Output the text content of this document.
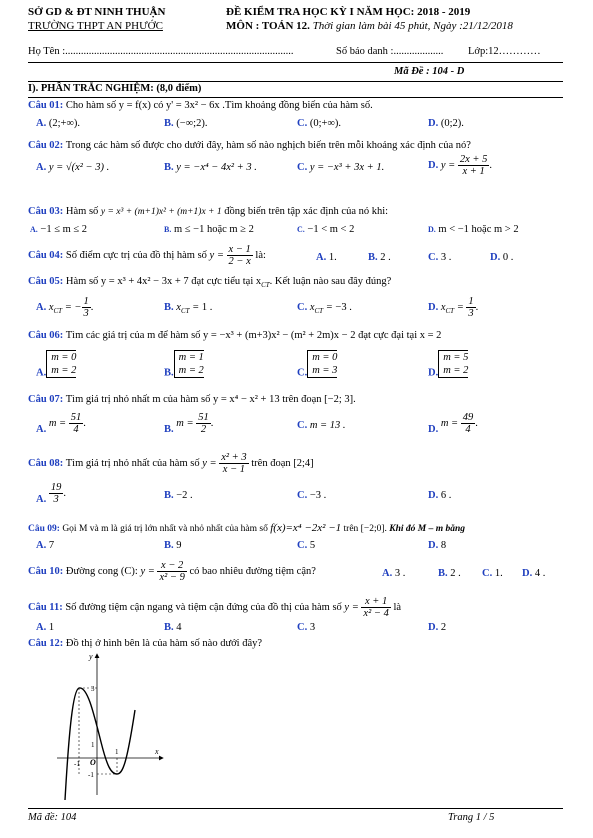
SỞ GD & ĐT NINH THUẬN
TRƯỜNG THPT AN PHƯỚC
ĐỀ KIỂM TRA HỌC KỲ I NĂM HỌC: 2018 - 2019
MÔN : TOÁN 12. Thời gian làm bài 45 phút, Ngày :21/12/2018
Họ Tên :.......................................................................................	Số báo danh :................... Lớp:12…………
Mã Đề : 104 - D
I). PHẦN TRẮC NGHIỆM: (8,0 điểm)
Câu 01: Cho hàm số y = f(x) có y' = 3x² − 6x .Tìm khoảng đồng biến của hàm số.
A. (2;+∞).	B. (−∞;2).	C. (0;+∞).	D. (0;2).
Câu 02: Trong các hàm số được cho dưới đây, hàm số nào nghịch biến trên mỗi khoảng xác định của nó?
A. y = √(x² − 3) .	B. y = −x⁴ − 4x² + 3 .	C. y = −x³ + 3x + 1.	D. $y = \frac{2x + 5}{x + 1}$ .
Câu 03: Hàm số y = x³ + (m+1)x² + (m+1)x + 1 đồng biến trên tập xác định của nó khi:
A. −1 ≤ m ≤ 2	B. m ≤ −1 hoặc m ≥ 2	C. −1 < m < 2	D. m < −1 hoặc m > 2
Câu 04: Số điểm cực trị của đồ thị hàm số $y = \frac{x - 1}{2 - x}$ là:	A. 1.	B. 2 .	C. 3 .	D. 0 .
Câu 05: Hàm số y = x³ + 4x² − 3x + 7 đạt cực tiểu tại $x_{CT}$. Kết luận nào sau đây đúng?
A. $x_{CT}$ = − $\frac{1}{3}$ .	B. $x_{CT} = 1$ .	C. $x_{CT} = -3$ .	D. $x_{CT} = \frac{1}{3}$ .
Câu 06: Tìm các giá trị của m để hàm số y = −x³ + (m+3)x² − (m² + 2m)x − 2 đạt cực đại tại x = 2
A.m = 0
m = 2	B.m = 1
m = 2	C.m = 0
m = 3	D.m = 5
m = 2
Câu 07: Tìm giá trị nhỏ nhất m của hàm số y = x⁴ − x² + 13 trên đoạn [−2; 3].
A. $m = \frac{51}{4}$ .
B. $m = \frac{51}{2}$ .	C. m = 13 .	D. $m = \frac{49}{4}$ .
Câu 08: Tìm giá trị nhỏ nhất của hàm số $y = \frac{\text{x² + 3}}{x - 1}$ trên đoạn [2;4]
A. $\frac{19}{3}$ .	B. −2 .	C. −3 .	D. 6 .
Câu 09: Gọi M và m là giá trị lớn nhất và nhỏ nhất của hàm số f(x)=x⁴ −2x² −1 trên [−2;0]. Khi đó M – m bằng
A. 7	B. 9	C. 5	D. 8
Câu 10: Đường cong (C): $y = \frac{x - 2}{\text{x² − 9}}$ có bao nhiêu đường tiệm cận?	A. 3 .	B. 2 . C. 1. D. 4 .
Câu 11: Số đường tiệm cận ngang và tiệm cận đứng của đồ thị của hàm số $y = \frac{x + 1}{\text{x² − 4}}$ là
A. 1	B. 4	C. 3	D. 2
Câu 12: Đồ thị ở hình bên là của hàm số nào dưới đây?
y
x
3
1
-1
-1
1
O
Mã đề: 104	Trang 1 / 5
